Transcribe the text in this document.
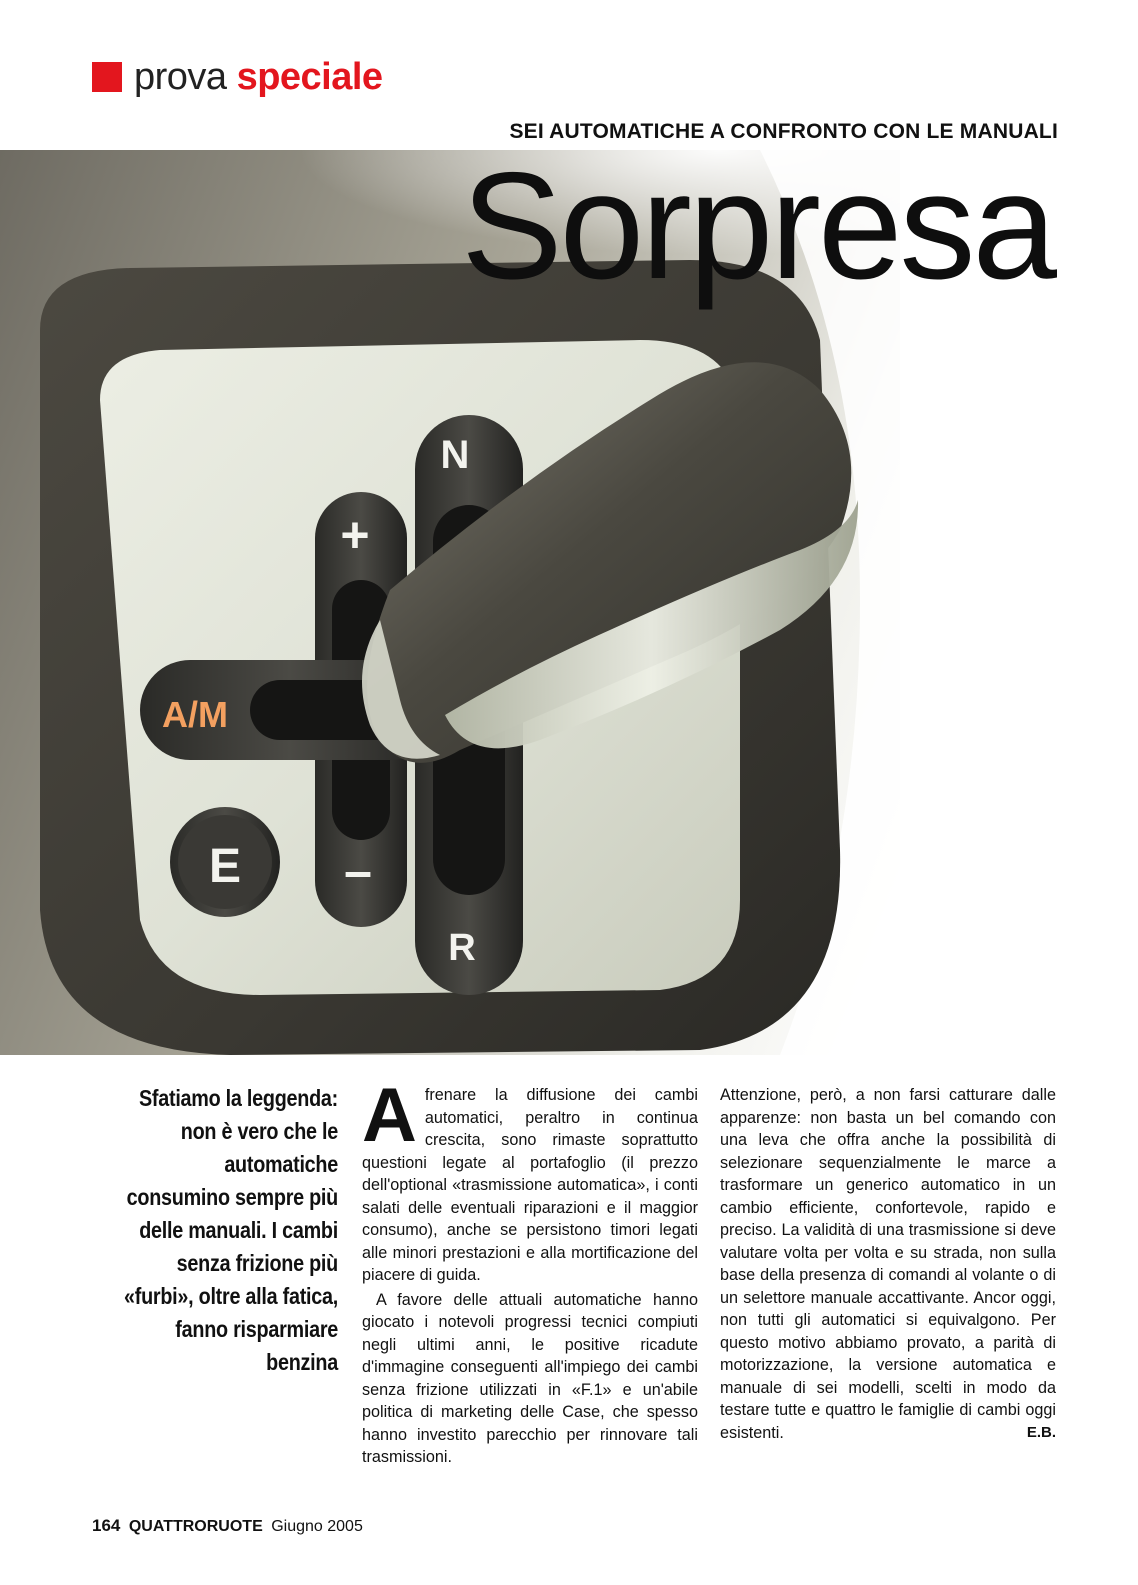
prova speciale
SEI AUTOMATICHE A CONFRONTO CON LE MANUALI
N
+
A/M
E –
R
Sorpresa
Sfatiamo la leggenda: non è vero che le automatiche consumino sempre più delle manuali. I cambi senza frizione più «furbi», oltre alla fatica, fanno risparmiare benzina

Afrenare la diffusione dei cambi automatici, peraltro in continua crescita, sono rimaste soprattutto questioni legate al portafoglio (il prezzo dell'optional «trasmissione automatica», i conti salati delle eventuali riparazioni e il maggior consumo), anche se persistono timori legati alle minori prestazioni e alla mortificazione del piacere di guida.

A favore delle attuali automatiche hanno giocato i notevoli progressi tecnici compiuti negli ultimi anni, le positive ricadute d'immagine conseguenti all'impiego dei cambi senza frizione utilizzati in «F.1» e un'abile politica di marketing delle Case, che spesso hanno investito parecchio per rinnovare tali trasmissioni.

Attenzione, però, a non farsi catturare dalle apparenze: non basta un bel comando con una leva che offra anche la possibilità di selezionare sequenzialmente le marce a trasformare un generico automatico in un cambio efficiente, confortevole, rapido e preciso. La validità di una trasmissione si deve valutare volta per volta e su strada, non sulla base della presenza di comandi al volante o di un selettore manuale accattivante. Ancor oggi, non tutti gli automatici si equivalgono. Per questo motivo abbiamo provato, a parità di motorizzazione, la versione automatica e manuale di sei modelli, scelti in modo da testare tutte e quattro le famiglie di cambi oggi esistenti.	E.B.

164 QUATTRORUOTE Giugno 2005
